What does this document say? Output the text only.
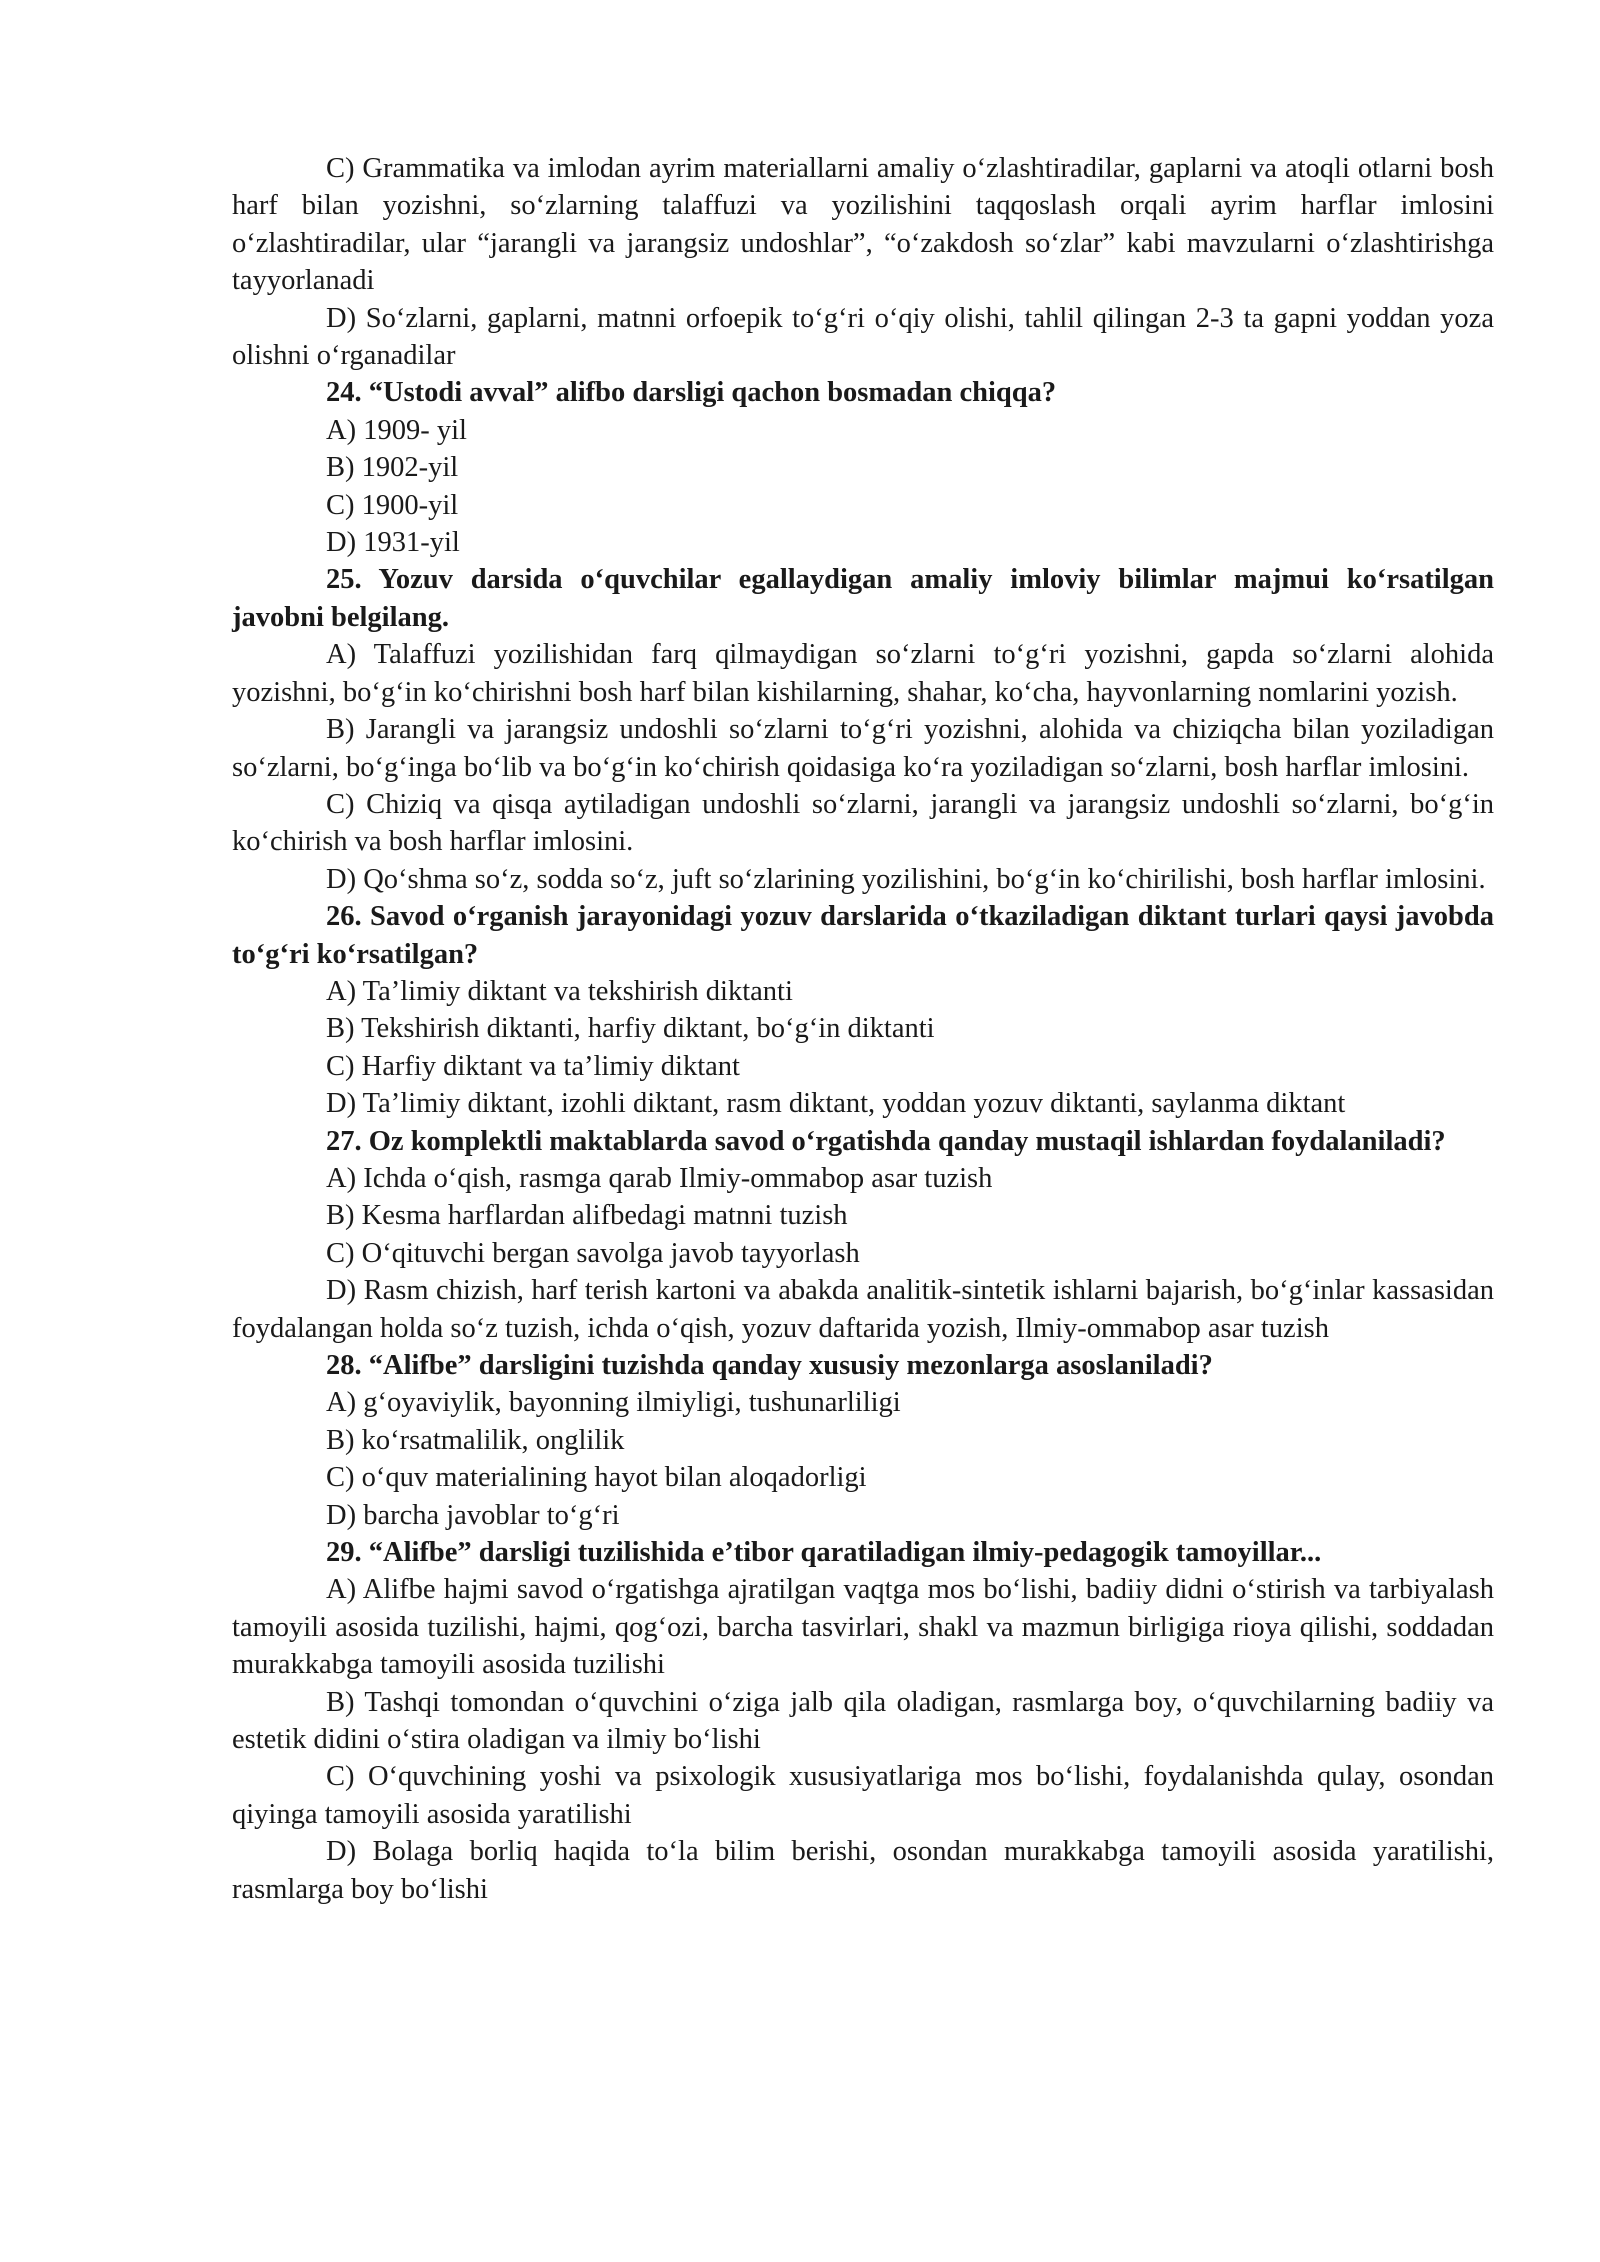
C) Grammatika va imlodan ayrim materiallarni amaliy o‘zlashtiradilar, gaplarni va atoqli otlarni bosh harf bilan yozishni, so‘zlarning talaffuzi va yozilishini taqqoslash orqali ayrim harflar imlosini o‘zlashtiradilar, ular “jarangli va jarangsiz undoshlar”, “o‘zakdosh so‘zlar” kabi mavzularni o‘zlashtirishga tayyorlanadi

D) So‘zlarni, gaplarni, matnni orfoepik to‘g‘ri o‘qiy olishi, tahlil qilingan 2-3 ta gapni yoddan yoza olishni o‘rganadilar

24. “Ustodi avval” alifbo darsligi qachon bosmadan chiqqa?

A) 1909- yil

B) 1902-yil

C) 1900-yil

D) 1931-yil

25. Yozuv darsida o‘quvchilar egallaydigan amaliy imloviy bilimlar majmui ko‘rsatilgan javobni belgilang.

A) Talaffuzi yozilishidan farq qilmaydigan so‘zlarni to‘g‘ri yozishni, gapda so‘zlarni alohida yozishni, bo‘g‘in ko‘chirishni bosh harf bilan kishilarning, shahar, ko‘cha, hayvonlarning nomlarini yozish.

B) Jarangli va jarangsiz undoshli so‘zlarni to‘g‘ri yozishni, alohida va chiziqcha bilan yoziladigan so‘zlarni, bo‘g‘inga bo‘lib va bo‘g‘in ko‘chirish qoidasiga ko‘ra yoziladigan so‘zlarni, bosh harflar imlosini.

C) Chiziq va qisqa aytiladigan undoshli so‘zlarni, jarangli va jarangsiz undoshli so‘zlarni, bo‘g‘in ko‘chirish va bosh harflar imlosini.

D) Qo‘shma so‘z, sodda so‘z, juft so‘zlarining yozilishini, bo‘g‘in ko‘chirilishi, bosh harflar imlosini.

26. Savod o‘rganish jarayonidagi yozuv darslarida o‘tkaziladigan diktant turlari qaysi javobda to‘g‘ri ko‘rsatilgan?

A) Ta’limiy diktant va tekshirish diktanti

B) Tekshirish diktanti, harfiy diktant, bo‘g‘in diktanti

C) Harfiy diktant va ta’limiy diktant

D) Ta’limiy diktant, izohli diktant, rasm diktant, yoddan yozuv diktanti, saylanma diktant

27. Oz komplektli maktablarda savod o‘rgatishda qanday mustaqil ishlardan foydalaniladi?

A) Ichda o‘qish, rasmga qarab Ilmiy-ommabop asar tuzish

B) Kesma harflardan alifbedagi matnni tuzish

C) O‘qituvchi bergan savolga javob tayyorlash

D) Rasm chizish, harf terish kartoni va abakda analitik-sintetik ishlarni bajarish, bo‘g‘inlar kassasidan foydalangan holda so‘z tuzish, ichda o‘qish, yozuv daftarida yozish, Ilmiy-ommabop asar tuzish

28. “Alifbe” darsligini tuzishda qanday xususiy mezonlarga asoslaniladi?

A) g‘oyaviylik, bayonning ilmiyligi, tushunarliligi

B) ko‘rsatmalilik, onglilik

C) o‘quv materialining hayot bilan aloqadorligi

D) barcha javoblar to‘g‘ri

29. “Alifbe” darsligi tuzilishida e’tibor qaratiladigan ilmiy-pedagogik tamoyillar...

A) Alifbe hajmi savod o‘rgatishga ajratilgan vaqtga mos bo‘lishi, badiiy didni o‘stirish va tarbiyalash tamoyili asosida tuzilishi, hajmi, qog‘ozi, barcha tasvirlari, shakl va mazmun birligiga rioya qilishi, soddadan murakkabga tamoyili asosida tuzilishi

B) Tashqi tomondan o‘quvchini o‘ziga jalb qila oladigan, rasmlarga boy, o‘quvchilarning badiiy va estetik didini o‘stira oladigan va ilmiy bo‘lishi

C) O‘quvchining yoshi va psixologik xususiyatlariga mos bo‘lishi, foydalanishda qulay, osondan qiyinga tamoyili asosida yaratilishi

D) Bolaga borliq haqida to‘la bilim berishi, osondan murakkabga tamoyili asosida yaratilishi, rasmlarga boy bo‘lishi
